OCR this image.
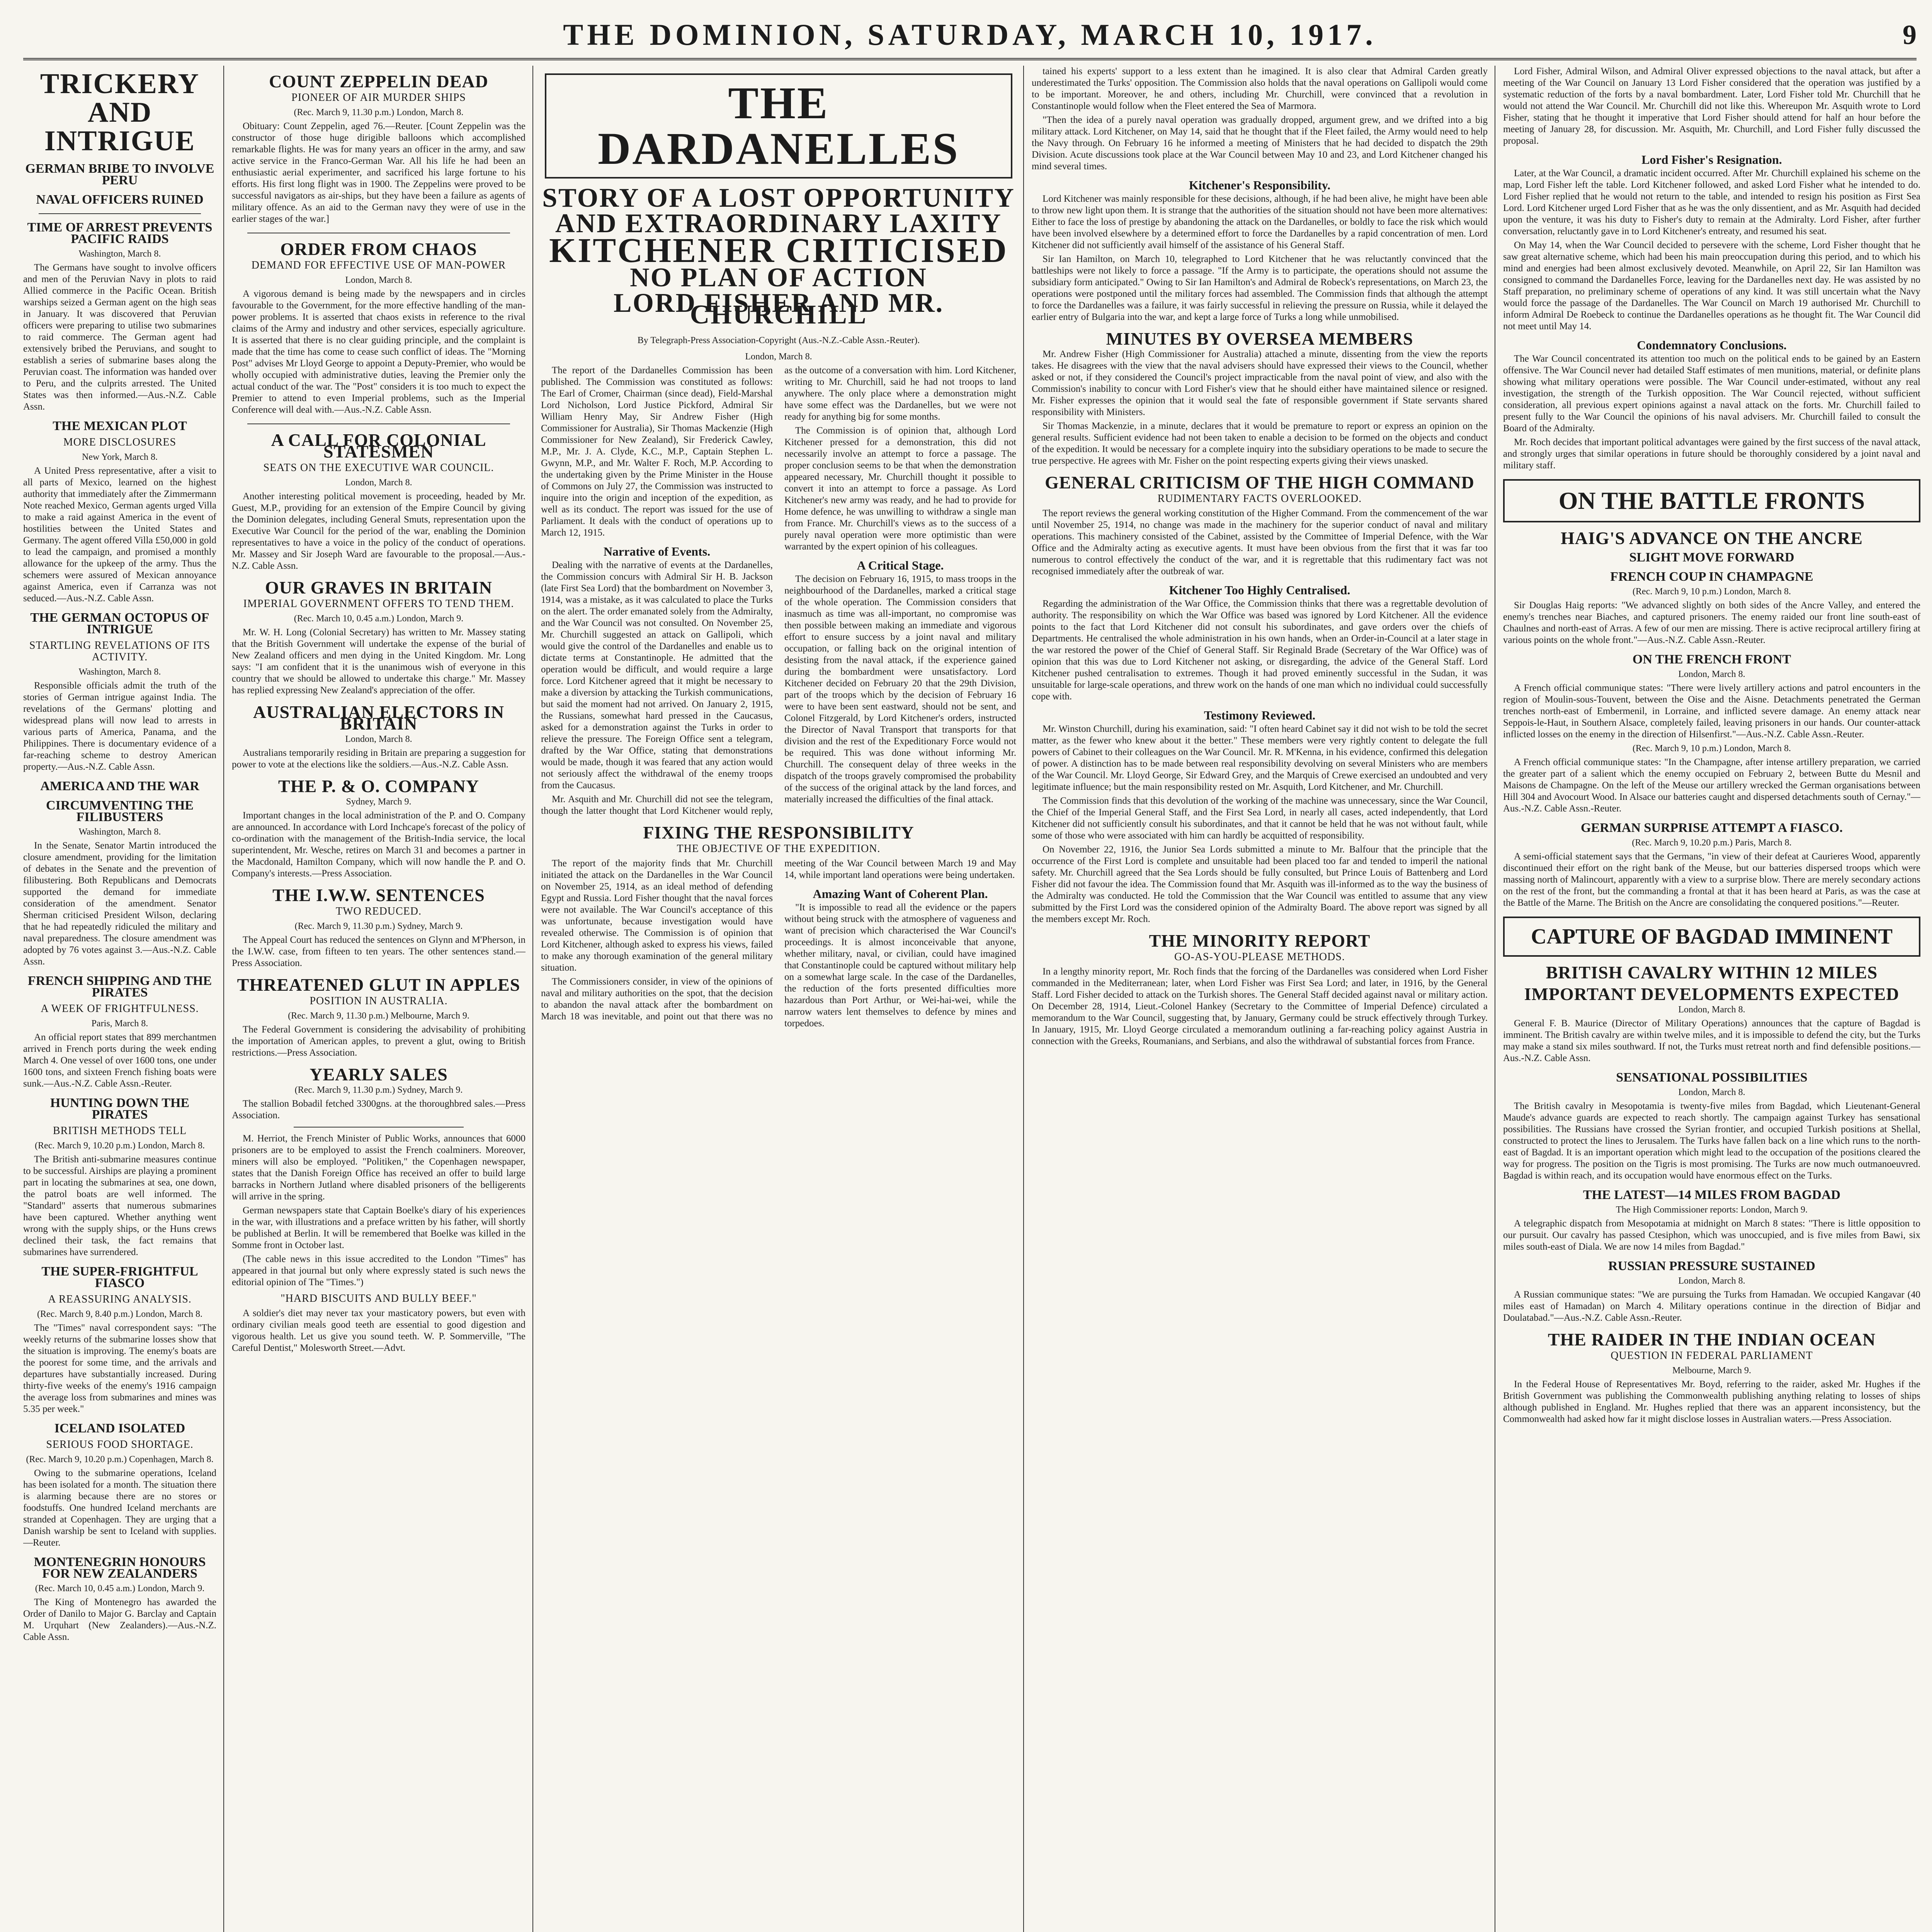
THE DOMINION, SATURDAY, MARCH 10, 1917.	9
TRICKERY AND INTRIGUE
GERMAN BRIBE TO INVOLVE PERU
NAVAL OFFICERS RUINED
TIME OF ARREST PREVENTS PACIFIC RAIDS
Washington, March 8.

The Germans have sought to involve officers and men of the Peruvian Navy in plots to raid Allied commerce in the Pacific Ocean. British warships seized a German agent on the high seas in January. It was discovered that Peruvian officers were preparing to utilise two submarines to raid commerce. The German agent had extensively bribed the Peruvians, and sought to establish a series of submarine bases along the Peruvian coast. The information was handed over to Peru, and the culprits arrested. The United States was then informed.—Aus.-N.Z. Cable Assn.

THE MEXICAN PLOT
MORE DISCLOSURES
New York, March 8.

A United Press representative, after a visit to all parts of Mexico, learned on the highest authority that immediately after the Zimmermann Note reached Mexico, German agents urged Villa to make a raid against America in the event of hostilities between the United States and Germany. The agent offered Villa £50,000 in gold to lead the campaign, and promised a monthly allowance for the upkeep of the army. Thus the schemers were assured of Mexican annoyance against America, even if Carranza was not seduced.—Aus.-N.Z. Cable Assn.

THE GERMAN OCTOPUS OF INTRIGUE
STARTLING REVELATIONS OF ITS ACTIVITY.
Washington, March 8.

Responsible officials admit the truth of the stories of German intrigue against India. The revelations of the Germans' plotting and widespread plans will now lead to arrests in various parts of America, Panama, and the Philippines. There is documentary evidence of a far-reaching scheme to destroy American property.—Aus.-N.Z. Cable Assn.

AMERICA AND THE WAR
CIRCUMVENTING THE FILIBUSTERS
Washington, March 8.

In the Senate, Senator Martin introduced the closure amendment, providing for the limitation of debates in the Senate and the prevention of filibustering. Both Republicans and Democrats supported the demand for immediate consideration of the amendment. Senator Sherman criticised President Wilson, declaring that he had repeatedly ridiculed the military and naval preparedness. The closure amendment was adopted by 76 votes against 3.—Aus.-N.Z. Cable Assn.

FRENCH SHIPPING AND THE PIRATES
A WEEK OF FRIGHTFULNESS.
Paris, March 8.

An official report states that 899 merchantmen arrived in French ports during the week ending March 4. One vessel of over 1600 tons, one under 1600 tons, and sixteen French fishing boats were sunk.—Aus.-N.Z. Cable Assn.-Reuter.

HUNTING DOWN THE PIRATES
BRITISH METHODS TELL
(Rec. March 9, 10.20 p.m.) London, March 8.

The British anti-submarine measures continue to be successful. Airships are playing a prominent part in locating the submarines at sea, one down, the patrol boats are well informed. The "Standard" asserts that numerous submarines have been captured. Whether anything went wrong with the supply ships, or the Huns crews declined their task, the fact remains that submarines have surrendered.

THE SUPER-FRIGHTFUL FIASCO
A REASSURING ANALYSIS.
(Rec. March 9, 8.40 p.m.) London, March 8.

The "Times" naval correspondent says: "The weekly returns of the submarine losses show that the situation is improving. The enemy's boats are the poorest for some time, and the arrivals and departures have substantially increased. During thirty-five weeks of the enemy's 1916 campaign the average loss from submarines and mines was 5.35 per week."

ICELAND ISOLATED
SERIOUS FOOD SHORTAGE.
(Rec. March 9, 10.20 p.m.) Copenhagen, March 8.

Owing to the submarine operations, Iceland has been isolated for a month. The situation there is alarming because there are no stores or foodstuffs. One hundred Iceland merchants are stranded at Copenhagen. They are urging that a Danish warship be sent to Iceland with supplies.—Reuter.

MONTENEGRIN HONOURS FOR NEW ZEALANDERS
(Rec. March 10, 0.45 a.m.) London, March 9.

The King of Montenegro has awarded the Order of Danilo to Major G. Barclay and Captain M. Urquhart (New Zealanders).—Aus.-N.Z. Cable Assn.

COUNT ZEPPELIN DEAD
PIONEER OF AIR MURDER SHIPS
(Rec. March 9, 11.30 p.m.) London, March 8.

Obituary: Count Zeppelin, aged 76.—Reuter. [Count Zeppelin was the constructor of those huge dirigible balloons which accomplished remarkable flights. He was for many years an officer in the army, and saw active service in the Franco-German War. All his life he had been an enthusiastic aerial experimenter, and sacrificed his large fortune to his efforts. His first long flight was in 1900. The Zeppelins were proved to be successful navigators as air-ships, but they have been a failure as agents of military offence. As an aid to the German navy they were of use in the earlier stages of the war.]

ORDER FROM CHAOS
DEMAND FOR EFFECTIVE USE OF MAN-POWER
London, March 8.

A vigorous demand is being made by the newspapers and in circles favourable to the Government, for the more effective handling of the man-power problems. It is asserted that chaos exists in reference to the rival claims of the Army and industry and other services, especially agriculture. It is asserted that there is no clear guiding principle, and the complaint is made that the time has come to cease such conflict of ideas. The "Morning Post" advises Mr Lloyd George to appoint a Deputy-Premier, who would be wholly occupied with administrative duties, leaving the Premier only the actual conduct of the war. The "Post" considers it is too much to expect the Premier to attend to even Imperial problems, such as the Imperial Conference will deal with.—Aus.-N.Z. Cable Assn.

A CALL FOR COLONIAL STATESMEN
SEATS ON THE EXECUTIVE WAR COUNCIL.
London, March 8.

Another interesting political movement is proceeding, headed by Mr. Guest, M.P., providing for an extension of the Empire Council by giving the Dominion delegates, including General Smuts, representation upon the Executive War Council for the period of the war, enabling the Dominion representatives to have a voice in the policy of the conduct of operations. Mr. Massey and Sir Joseph Ward are favourable to the proposal.—Aus.-N.Z. Cable Assn.

OUR GRAVES IN BRITAIN
IMPERIAL GOVERNMENT OFFERS TO TEND THEM.
(Rec. March 10, 0.45 a.m.) London, March 9.

Mr. W. H. Long (Colonial Secretary) has written to Mr. Massey stating that the British Government will undertake the expense of the burial of New Zealand officers and men dying in the United Kingdom. Mr. Long says: "I am confident that it is the unanimous wish of everyone in this country that we should be allowed to undertake this charge." Mr. Massey has replied expressing New Zealand's appreciation of the offer.

AUSTRALIAN ELECTORS IN BRITAIN
London, March 8.

Australians temporarily residing in Britain are preparing a suggestion for power to vote at the elections like the soldiers.—Aus.-N.Z. Cable Assn.

THE P. & O. COMPANY
Sydney, March 9.

Important changes in the local administration of the P. and O. Company are announced. In accordance with Lord Inchcape's forecast of the policy of co-ordination with the management of the British-India service, the local superintendent, Mr. Wesche, retires on March 31 and becomes a partner in the Macdonald, Hamilton Company, which will now handle the P. and O. Company's interests.—Press Association.

THE I.W.W. SENTENCES
TWO REDUCED.
(Rec. March 9, 11.30 p.m.) Sydney, March 9.

The Appeal Court has reduced the sentences on Glynn and M'Pherson, in the I.W.W. case, from fifteen to ten years. The other sentences stand.—Press Association.

THREATENED GLUT IN APPLES
POSITION IN AUSTRALIA.
(Rec. March 9, 11.30 p.m.) Melbourne, March 9.

The Federal Government is considering the advisability of prohibiting the importation of American apples, to prevent a glut, owing to British restrictions.—Press Association.

YEARLY SALES
(Rec. March 9, 11.30 p.m.) Sydney, March 9.

The stallion Bobadil fetched 3300gns. at the thoroughbred sales.—Press Association.

M. Herriot, the French Minister of Public Works, announces that 6000 prisoners are to be employed to assist the French coalminers. Moreover, miners will also be employed. "Politiken," the Copenhagen newspaper, states that the Danish Foreign Office has received an offer to build large barracks in Northern Jutland where disabled prisoners of the belligerents will arrive in the spring.

German newspapers state that Captain Boelke's diary of his experiences in the war, with illustrations and a preface written by his father, will shortly be published at Berlin. It will be remembered that Boelke was killed in the Somme front in October last.

(The cable news in this issue accredited to the London "Times" has appeared in that journal but only where expressly stated is such news the editorial opinion of The "Times.")

"HARD BISCUITS AND BULLY BEEF."

A soldier's diet may never tax your masticatory powers, but even with ordinary civilian meals good teeth are essential to good digestion and vigorous health. Let us give you sound teeth. W. P. Sommerville, "The Careful Dentist," Molesworth Street.—Advt.

THE DARDANELLES
STORY OF A LOST OPPORTUNITY
AND EXTRAORDINARY LAXITY
KITCHENER CRITICISED
NO PLAN OF ACTION
LORD FISHER AND MR. CHURCHILL
By Telegraph-Press Association-Copyright (Aus.-N.Z.-Cable Assn.-Reuter).
London, March 8.

The report of the Dardanelles Commission has been published. The Commission was constituted as follows: The Earl of Cromer, Chairman (since dead), Field-Marshal Lord Nicholson, Lord Justice Pickford, Admiral Sir William Henry May, Sir Andrew Fisher (High Commissioner for Australia), Sir Thomas Mackenzie (High Commissioner for New Zealand), Sir Frederick Cawley, M.P., Mr. J. A. Clyde, K.C., M.P., Captain Stephen L. Gwynn, M.P., and Mr. Walter F. Roch, M.P. According to the undertaking given by the Prime Minister in the House of Commons on July 27, the Commission was instructed to inquire into the origin and inception of the expedition, as well as its conduct. The report was issued for the use of Parliament. It deals with the conduct of operations up to March 12, 1915.

Narrative of Events.

Dealing with the narrative of events at the Dardanelles, the Commission concurs with Admiral Sir H. B. Jackson (late First Sea Lord) that the bombardment on November 3, 1914, was a mistake, as it was calculated to place the Turks on the alert. The order emanated solely from the Admiralty, and the War Council was not consulted. On November 25, Mr. Churchill suggested an attack on Gallipoli, which would give the control of the Dardanelles and enable us to dictate terms at Constantinople. He admitted that the operation would be difficult, and would require a large force. Lord Kitchener agreed that it might be necessary to make a diversion by attacking the Turkish communications, but said the moment had not arrived. On January 2, 1915, the Russians, somewhat hard pressed in the Caucasus, asked for a demonstration against the Turks in order to relieve the pressure. The Foreign Office sent a telegram, drafted by the War Office, stating that demonstrations would be made, though it was feared that any action would not seriously affect the withdrawal of the enemy troops from the Caucasus.

Mr. Asquith and Mr. Churchill did not see the telegram, though the latter thought that Lord Kitchener would reply, as the outcome of a conversation with him. Lord Kitchener, writing to Mr. Churchill, said he had not troops to land anywhere. The only place where a demonstration might have some effect was the Dardanelles, but we were not ready for anything big for some months.

The Commission is of opinion that, although Lord Kitchener pressed for a demonstration, this did not necessarily involve an attempt to force a passage. The proper conclusion seems to be that when the demonstration appeared necessary, Mr. Churchill thought it possible to convert it into an attempt to force a passage. As Lord Kitchener's new army was ready, and he had to provide for Home defence, he was unwilling to withdraw a single man from France. Mr. Churchill's views as to the success of a purely naval operation were more optimistic than were warranted by the expert opinion of his colleagues.

A Critical Stage.

The decision on February 16, 1915, to mass troops in the neighbourhood of the Dardanelles, marked a critical stage of the whole operation. The Commission considers that inasmuch as time was all-important, no compromise was then possible between making an immediate and vigorous effort to ensure success by a joint naval and military occupation, or falling back on the original intention of desisting from the naval attack, if the experience gained during the bombardment were unsatisfactory. Lord Kitchener decided on February 20 that the 29th Division, part of the troops which by the decision of February 16 were to have been sent eastward, should not be sent, and Colonel Fitzgerald, by Lord Kitchener's orders, instructed the Director of Naval Transport that transports for that division and the rest of the Expeditionary Force would not be required. This was done without informing Mr. Churchill. The consequent delay of three weeks in the dispatch of the troops gravely compromised the probability of the success of the original attack by the land forces, and materially increased the difficulties of the final attack.

FIXING THE RESPONSIBILITY
THE OBJECTIVE OF THE EXPEDITION.

The report of the majority finds that Mr. Churchill initiated the attack on the Dardanelles in the War Council on November 25, 1914, as an ideal method of defending Egypt and Russia. Lord Fisher thought that the naval forces were not available. The War Council's acceptance of this was unfortunate, because investigation would have revealed otherwise. The Commission is of opinion that Lord Kitchener, although asked to express his views, failed to make any thorough examination of the general military situation.

The Commissioners consider, in view of the opinions of naval and military authorities on the spot, that the decision to abandon the naval attack after the bombardment on March 18 was inevitable, and point out that there was no meeting of the War Council between March 19 and May 14, while important land operations were being undertaken.

Amazing Want of Coherent Plan.

"It is impossible to read all the evidence or the papers without being struck with the atmosphere of vagueness and want of precision which characterised the War Council's proceedings. It is almost inconceivable that anyone, whether military, naval, or civilian, could have imagined that Constantinople could be captured without military help on a somewhat large scale. In the case of the Dardanelles, the reduction of the forts presented difficulties more hazardous than Port Arthur, or Wei-hai-wei, while the narrow waters lent themselves to defence by mines and torpedoes.

tained his experts' support to a less extent than he imagined. It is also clear that Admiral Carden greatly underestimated the Turks' opposition. The Commission also holds that the naval operations on Gallipoli would come to be important. Moreover, he and others, including Mr. Churchill, were convinced that a revolution in Constantinople would follow when the Fleet entered the Sea of Marmora.

"Then the idea of a purely naval operation was gradually dropped, argument grew, and we drifted into a big military attack. Lord Kitchener, on May 14, said that he thought that if the Fleet failed, the Army would need to help the Navy through. On February 16 he informed a meeting of Ministers that he had decided to dispatch the 29th Division. Acute discussions took place at the War Council between May 10 and 23, and Lord Kitchener changed his mind several times.

Kitchener's Responsibility.

Lord Kitchener was mainly responsible for these decisions, although, if he had been alive, he might have been able to throw new light upon them. It is strange that the authorities of the situation should not have been more alternatives: Either to face the loss of prestige by abandoning the attack on the Dardanelles, or boldly to face the risk which would have been involved elsewhere by a determined effort to force the Dardanelles by a rapid concentration of men. Lord Kitchener did not sufficiently avail himself of the assistance of his General Staff.

Sir Ian Hamilton, on March 10, telegraphed to Lord Kitchener that he was reluctantly convinced that the battleships were not likely to force a passage. "If the Army is to participate, the operations should not assume the subsidiary form anticipated." Owing to Sir Ian Hamilton's and Admiral de Robeck's representations, on March 23, the operations were postponed until the military forces had assembled. The Commission finds that although the attempt to force the Dardanelles was a failure, it was fairly successful in relieving the pressure on Russia, while it delayed the earlier entry of Bulgaria into the war, and kept a large force of Turks a long while unmobilised.

MINUTES BY OVERSEA MEMBERS

Mr. Andrew Fisher (High Commissioner for Australia) attached a minute, dissenting from the view the reports takes. He disagrees with the view that the naval advisers should have expressed their views to the Council, whether asked or not, if they considered the Council's project impracticable from the naval point of view, and also with the Commission's inability to concur with Lord Fisher's view that he should either have maintained silence or resigned. Mr. Fisher expresses the opinion that it would seal the fate of responsible government if State servants shared responsibility with Ministers.

Sir Thomas Mackenzie, in a minute, declares that it would be premature to report or express an opinion on the general results. Sufficient evidence had not been taken to enable a decision to be formed on the objects and conduct of the expedition. It would be necessary for a complete inquiry into the subsidiary operations to be made to secure the true perspective. He agrees with Mr. Fisher on the point respecting experts giving their views unasked.

GENERAL CRITICISM OF THE HIGH COMMAND
RUDIMENTARY FACTS OVERLOOKED.

The report reviews the general working constitution of the Higher Command. From the commencement of the war until November 25, 1914, no change was made in the machinery for the superior conduct of naval and military operations. This machinery consisted of the Cabinet, assisted by the Committee of Imperial Defence, with the War Office and the Admiralty acting as executive agents. It must have been obvious from the first that it was far too numerous to control effectively the conduct of the war, and it is regrettable that this rudimentary fact was not recognised immediately after the outbreak of war.

Kitchener Too Highly Centralised.

Regarding the administration of the War Office, the Commission thinks that there was a regrettable devolution of authority. The responsibility on which the War Office was based was ignored by Lord Kitchener. All the evidence points to the fact that Lord Kitchener did not consult his subordinates, and gave orders over the chiefs of Departments. He centralised the whole administration in his own hands, when an Order-in-Council at a later stage in the war restored the power of the Chief of General Staff. Sir Reginald Brade (Secretary of the War Office) was of opinion that this was due to Lord Kitchener not asking, or disregarding, the advice of the General Staff. Lord Kitchener pushed centralisation to extremes. Though it had proved eminently successful in the Sudan, it was unsuitable for large-scale operations, and threw work on the hands of one man which no individual could successfully cope with.

Testimony Reviewed.

Mr. Winston Churchill, during his examination, said: "I often heard Cabinet say it did not wish to be told the secret matter, as the fewer who knew about it the better." These members were very rightly content to delegate the full powers of Cabinet to their colleagues on the War Council. Mr. R. M'Kenna, in his evidence, confirmed this delegation of power. A distinction has to be made between real responsibility devolving on several Ministers who are members of the War Council. Mr. Lloyd George, Sir Edward Grey, and the Marquis of Crewe exercised an undoubted and very legitimate influence; but the main responsibility rested on Mr. Asquith, Lord Kitchener, and Mr. Churchill.

The Commission finds that this devolution of the working of the machine was unnecessary, since the War Council, the Chief of the Imperial General Staff, and the First Sea Lord, in nearly all cases, acted independently, that Lord Kitchener did not sufficiently consult his subordinates, and that it cannot be held that he was not without fault, while some of those who were associated with him can hardly be acquitted of responsibility.

On November 22, 1916, the Junior Sea Lords submitted a minute to Mr. Balfour that the principle that the occurrence of the First Lord is complete and unsuitable had been placed too far and tended to imperil the national safety. Mr. Churchill agreed that the Sea Lords should be fully consulted, but Prince Louis of Battenberg and Lord Fisher did not favour the idea. The Commission found that Mr. Asquith was ill-informed as to the way the business of the Admiralty was conducted. He told the Commission that the War Council was entitled to assume that any view submitted by the First Lord was the considered opinion of the Admiralty Board. The above report was signed by all the members except Mr. Roch.

THE MINORITY REPORT
GO-AS-YOU-PLEASE METHODS.

In a lengthy minority report, Mr. Roch finds that the forcing of the Dardanelles was considered when Lord Fisher commanded in the Mediterranean; later, when Lord Fisher was First Sea Lord; and later, in 1916, by the General Staff. Lord Fisher decided to attack on the Turkish shores. The General Staff decided against naval or military action. On December 28, 1914, Lieut.-Colonel Hankey (Secretary to the Committee of Imperial Defence) circulated a memorandum to the War Council, suggesting that, by January, Germany could be struck effectively through Turkey. In January, 1915, Mr. Lloyd George circulated a memorandum outlining a far-reaching policy against Austria in connection with the Greeks, Roumanians, and Serbians, and also the withdrawal of substantial forces from France.

Lord Fisher, Admiral Wilson, and Admiral Oliver expressed objections to the naval attack, but after a meeting of the War Council on January 13 Lord Fisher considered that the operation was justified by a systematic reduction of the forts by a naval bombardment. Later, Lord Fisher told Mr. Churchill that he would not attend the War Council. Mr. Churchill did not like this. Whereupon Mr. Asquith wrote to Lord Fisher, stating that he thought it imperative that Lord Fisher should attend for half an hour before the meeting of January 28, for discussion. Mr. Asquith, Mr. Churchill, and Lord Fisher fully discussed the proposal.

Lord Fisher's Resignation.

Later, at the War Council, a dramatic incident occurred. After Mr. Churchill explained his scheme on the map, Lord Fisher left the table. Lord Kitchener followed, and asked Lord Fisher what he intended to do. Lord Fisher replied that he would not return to the table, and intended to resign his position as First Sea Lord. Lord Kitchener urged Lord Fisher that as he was the only dissentient, and as Mr. Asquith had decided upon the venture, it was his duty to Fisher's duty to remain at the Admiralty. Lord Fisher, after further conversation, reluctantly gave in to Lord Kitchener's entreaty, and resumed his seat.

On May 14, when the War Council decided to persevere with the scheme, Lord Fisher thought that he saw great alternative scheme, which had been his main preoccupation during this period, and to which his mind and energies had been almost exclusively devoted. Meanwhile, on April 22, Sir Ian Hamilton was consigned to command the Dardanelles Force, leaving for the Dardanelles next day. He was assisted by no Staff preparation, no preliminary scheme of operations of any kind. It was still uncertain what the Navy would force the passage of the Dardanelles. The War Council on March 19 authorised Mr. Churchill to inform Admiral De Roebeck to continue the Dardanelles operations as he thought fit. The War Council did not meet until May 14.

Condemnatory Conclusions.

The War Council concentrated its attention too much on the political ends to be gained by an Eastern offensive. The War Council never had detailed Staff estimates of men munitions, material, or definite plans showing what military operations were possible. The War Council under-estimated, without any real investigation, the strength of the Turkish opposition. The War Council rejected, without sufficient consideration, all previous expert opinions against a naval attack on the forts. Mr. Churchill failed to present fully to the War Council the opinions of his naval advisers. Mr. Churchill failed to consult the Board of the Admiralty.

Mr. Roch decides that important political advantages were gained by the first success of the naval attack, and strongly urges that similar operations in future should be thoroughly considered by a joint naval and military staff.

ON THE BATTLE FRONTS
HAIG'S ADVANCE ON THE ANCRE
SLIGHT MOVE FORWARD
FRENCH COUP IN CHAMPAGNE
(Rec. March 9, 10 p.m.) London, March 8.

Sir Douglas Haig reports: "We advanced slightly on both sides of the Ancre Valley, and entered the enemy's trenches near Biaches, and captured prisoners. The enemy raided our front line south-east of Chaulnes and north-east of Arras. A few of our men are missing. There is active reciprocal artillery firing at various points on the whole front."—Aus.-N.Z. Cable Assn.-Reuter.

ON THE FRENCH FRONT
London, March 8.

A French official communique states: "There were lively artillery actions and patrol encounters in the region of Moulin-sous-Touvent, between the Oise and the Aisne. Detachments penetrated the German trenches north-east of Embermenil, in Lorraine, and inflicted severe damage. An enemy attack near Seppois-le-Haut, in Southern Alsace, completely failed, leaving prisoners in our hands. Our counter-attack inflicted losses on the enemy in the direction of Hilsenfirst."—Aus.-N.Z. Cable Assn.-Reuter.

(Rec. March 9, 10 p.m.) London, March 8.

A French official communique states: "In the Champagne, after intense artillery preparation, we carried the greater part of a salient which the enemy occupied on February 2, between Butte du Mesnil and Maisons de Champagne. On the left of the Meuse our artillery wrecked the German organisations between Hill 304 and Avocourt Wood. In Alsace our batteries caught and dispersed detachments south of Cernay."—Aus.-N.Z. Cable Assn.-Reuter.

GERMAN SURPRISE ATTEMPT A FIASCO.
(Rec. March 9, 10.20 p.m.) Paris, March 8.

A semi-official statement says that the Germans, "in view of their defeat at Caurieres Wood, apparently discontinued their effort on the right bank of the Meuse, but our batteries dispersed troops which were massing north of Malincourt, apparently with a view to a surprise blow. There are merely secondary actions on the rest of the front, but the commanding a frontal at that it has been heard at Paris, as was the case at the Battle of the Marne. The British on the Ancre are consolidating the conquered positions."—Reuter.

CAPTURE OF BAGDAD IMMINENT
BRITISH CAVALRY WITHIN 12 MILES
IMPORTANT DEVELOPMENTS EXPECTED
London, March 8.

General F. B. Maurice (Director of Military Operations) announces that the capture of Bagdad is imminent. The British cavalry are within twelve miles, and it is impossible to defend the city, but the Turks may make a stand six miles southward. If not, the Turks must retreat north and find defensible positions.—Aus.-N.Z. Cable Assn.

SENSATIONAL POSSIBILITIES
London, March 8.

The British cavalry in Mesopotamia is twenty-five miles from Bagdad, which Lieutenant-General Maude's advance guards are expected to reach shortly. The campaign against Turkey has sensational possibilities. The Russians have crossed the Syrian frontier, and occupied Turkish positions at Shellal, constructed to protect the lines to Jerusalem. The Turks have fallen back on a line which runs to the north-east of Bagdad. It is an important operation which might lead to the occupation of the positions cleared the way for progress. The position on the Tigris is most promising. The Turks are now much outmanoeuvred. Bagdad is within reach, and its occupation would have enormous effect on the Turks.

THE LATEST—14 MILES FROM BAGDAD
The High Commissioner reports: London, March 9.

A telegraphic dispatch from Mesopotamia at midnight on March 8 states: "There is little opposition to our pursuit. Our cavalry has passed Ctesiphon, which was unoccupied, and is five miles from Bawi, six miles south-east of Diala. We are now 14 miles from Bagdad."

RUSSIAN PRESSURE SUSTAINED
London, March 8.

A Russian communique states: "We are pursuing the Turks from Hamadan. We occupied Kangavar (40 miles east of Hamadan) on March 4. Military operations continue in the direction of Bidjar and Doulatabad."—Aus.-N.Z. Cable Assn.-Reuter.

THE RAIDER IN THE INDIAN OCEAN
QUESTION IN FEDERAL PARLIAMENT
Melbourne, March 9.

In the Federal House of Representatives Mr. Boyd, referring to the raider, asked Mr. Hughes if the British Government was publishing the Commonwealth publishing anything relating to losses of ships although published in England. Mr. Hughes replied that there was an apparent inconsistency, but the Commonwealth had asked how far it might disclose losses in Australian waters.—Press Association.
